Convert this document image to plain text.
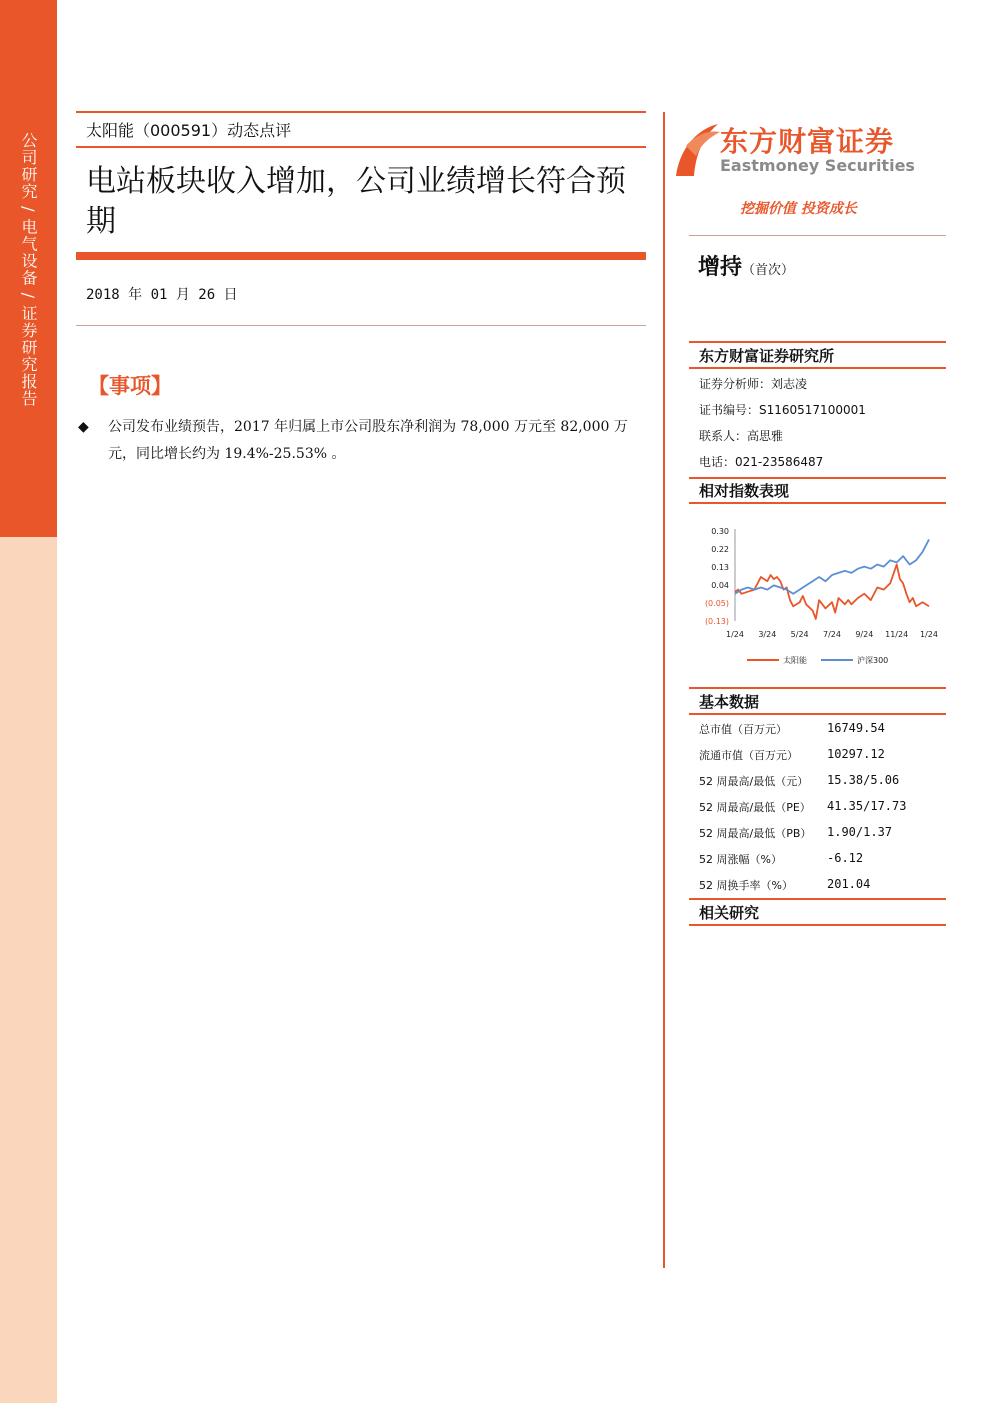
公司研究 / 电气设备 / 证券研究报告
太阳能（000591）动态点评
电站板块收入增加，公司业绩增长符合预期
2018 年 01 月 26 日
【事项】
◆ 公司发布业绩预告，2017 年归属上市公司股东净利润为 78,000 万元至 82,000 万元，同比增长约为 19.4%-25.53% 。
东方财富证券
Eastmoney Securities
挖掘价值 投资成长
增持（首次）
东方财富证券研究所
证券分析师：刘志凌
证书编号：S1160517100001
联系人：高思雅
电话：021-23586487
相对指数表现
0.30
0.22
0.13
0.04
(0.05)
(0.13)
1/24 3/24 5/24 7/24 9/24 11/24 1/24
太阳能	沪深300
基本数据
总市值（百万元）	16749.54
流通市值（百万元） 10297.12
52 周最高/最低（元） 15.38/5.06
52 周最高/最低（PE） 41.35/17.73
52 周最高/最低（PB） 1.90/1.37
52 周涨幅（%）	-6.12
52 周换手率（%）	201.04
相关研究
